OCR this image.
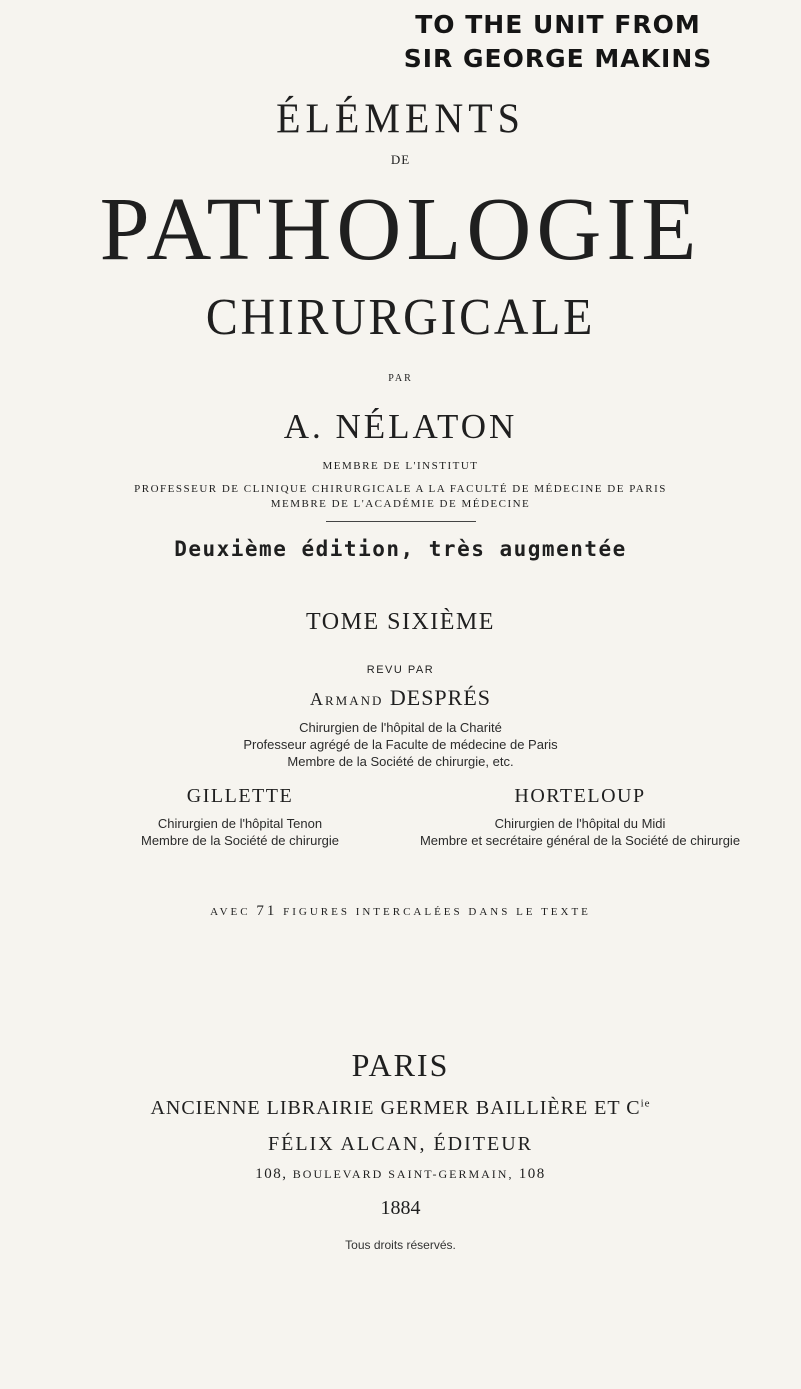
TO THE UNIT FROM
SIR GEORGE MAKINS
ÉLÉMENTS
DE
PATHOLOGIE
CHIRURGICALE
PAR
A. NÉLATON
MEMBRE DE L'INSTITUT
PROFESSEUR DE CLINIQUE CHIRURGICALE A LA FACULTÉ DE MÉDECINE DE PARIS
MEMBRE DE L'ACADÉMIE DE MÉDECINE
Deuxième édition, très augmentée
TOME SIXIÈME
REVU PAR
Armand DESPRÉS
Chirurgien de l'hôpital de la Charité
Professeur agrégé de la Faculte de médecine de Paris
Membre de la Société de chirurgie, etc.
GILLETTE
Chirurgien de l'hôpital Tenon
Membre de la Société de chirurgie
HORTELOUP
Chirurgien de l'hôpital du Midi
Membre et secrétaire général de la Société de chirurgie
AVEC 71 FIGURES INTERCALÉES DANS LE TEXTE
PARIS
ANCIENNE LIBRAIRIE GERMER BAILLIÈRE ET $C^{ie}$
FÉLIX ALCAN, ÉDITEUR
108, BOULEVARD SAINT-GERMAIN, 108
1884
Tous droits réservés.
